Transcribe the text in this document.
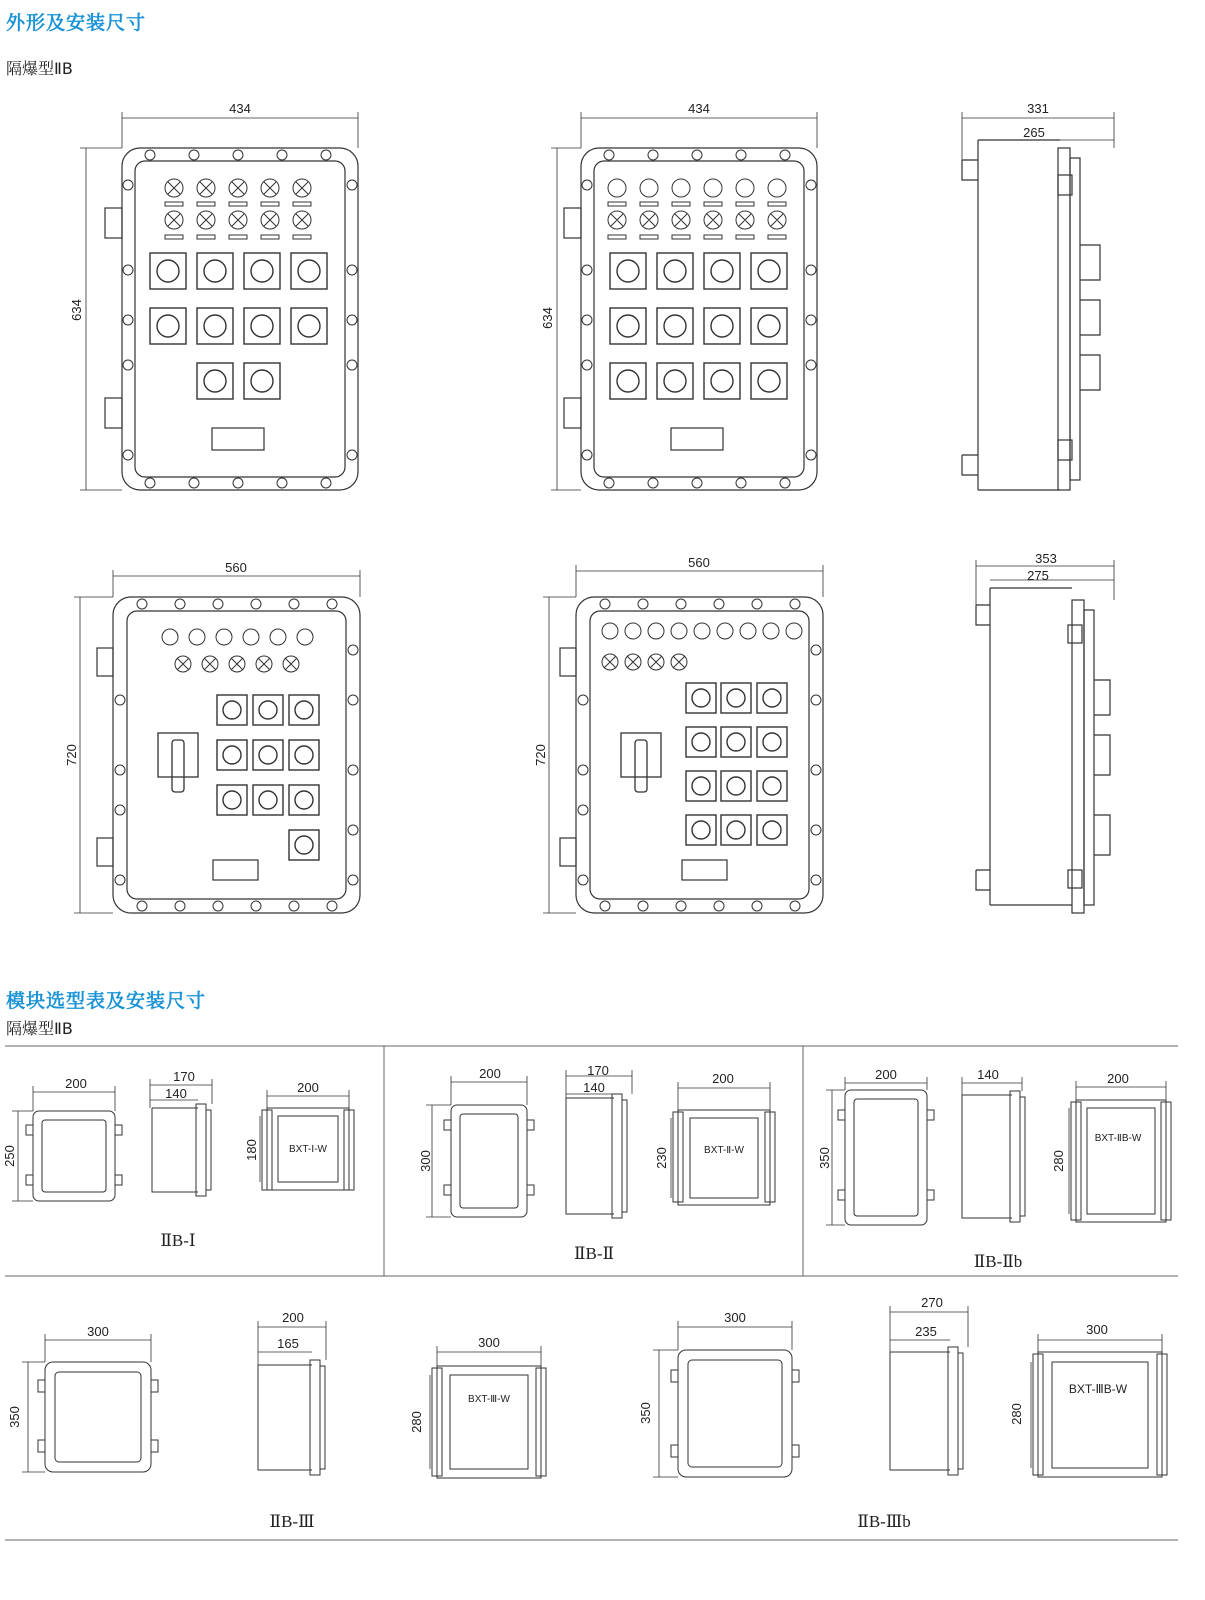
外形及安装尺寸
隔爆型ⅡB
模块选型表及安装尺寸
隔爆型ⅡB
434
634
434
634
331
265
560
720
560
720
353
275
200
250
170
140	200
180	BXT-Ⅰ-W
ⅡB-Ⅰ
200
300
170
140
200
230	BXT-Ⅱ-W
ⅡB-Ⅱ
200
350
140	200
280
BXT-ⅡB-W
ⅡB-Ⅱb
300
350
200
165	300
280
BXT-Ⅲ-W
ⅡB-Ⅲ
300
350
270
235	300
280
BXT-ⅢB-W
ⅡB-Ⅲb
